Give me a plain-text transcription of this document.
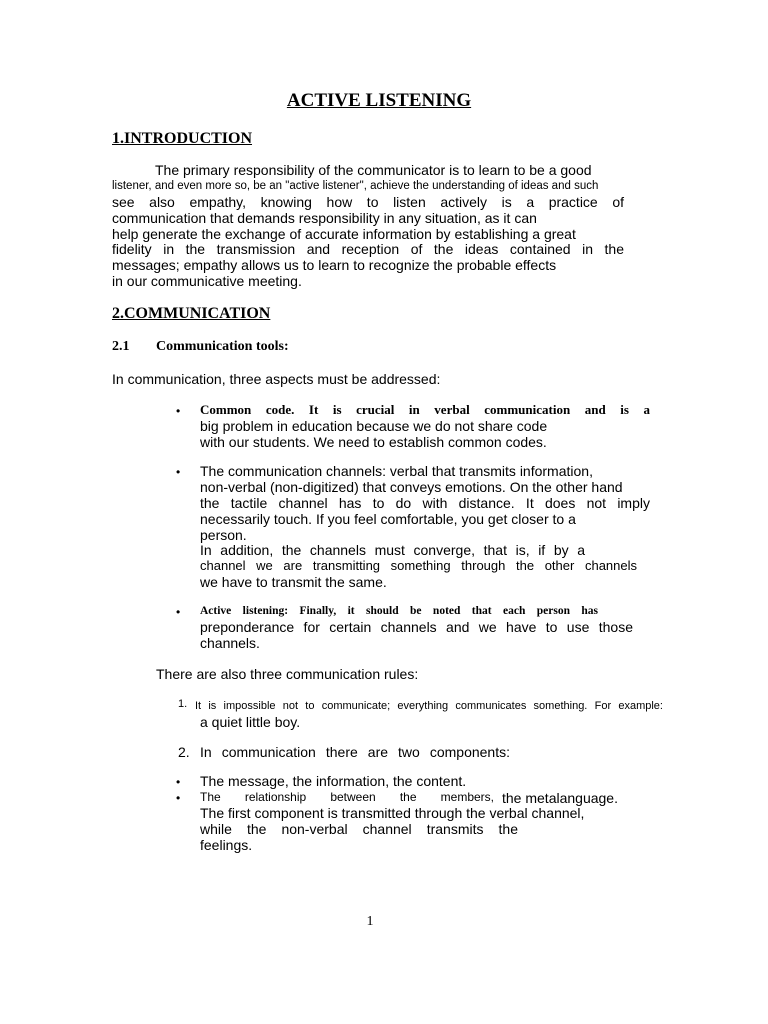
ACTIVE LISTENING
1.INTRODUCTION
The primary responsibility of the communicator is to learn to be a good
listener, and even more so, be an "active listener", achieve the understanding of ideas and such
see also empathy, knowing how to listen actively is a practice of
communication that demands responsibility in any situation, as it can
help generate the exchange of accurate information by establishing a great
fidelity in the transmission and reception of the ideas contained in the
messages; empathy allows us to learn to recognize the probable effects
in our communicative meeting.
2.COMMUNICATION
2.1 Communication tools:
In communication, three aspects must be addressed:
• Common code. It is crucial in verbal communication and is a
big problem in education because we do not share code
with our students. We need to establish common codes.
• The communication channels: verbal that transmits information,
non-verbal (non-digitized) that conveys emotions. On the other hand
the tactile channel has to do with distance. It does not imply
necessarily touch. If you feel comfortable, you get closer to a
person.
In addition, the channels must converge, that is, if by a
channel we are transmitting something through the other channels
we have to transmit the same.
• Active listening: Finally, it should be noted that each person has
preponderance for certain channels and we have to use those
channels.
There are also three communication rules:
1. It is impossible not to communicate; everything communicates something. For example:
a quiet little boy.
2. In communication there are two components:
• The message, the information, the content.
• The relationship between the members, the metalanguage.
The first component is transmitted through the verbal channel,
while the non-verbal channel transmits the
feelings.
1
